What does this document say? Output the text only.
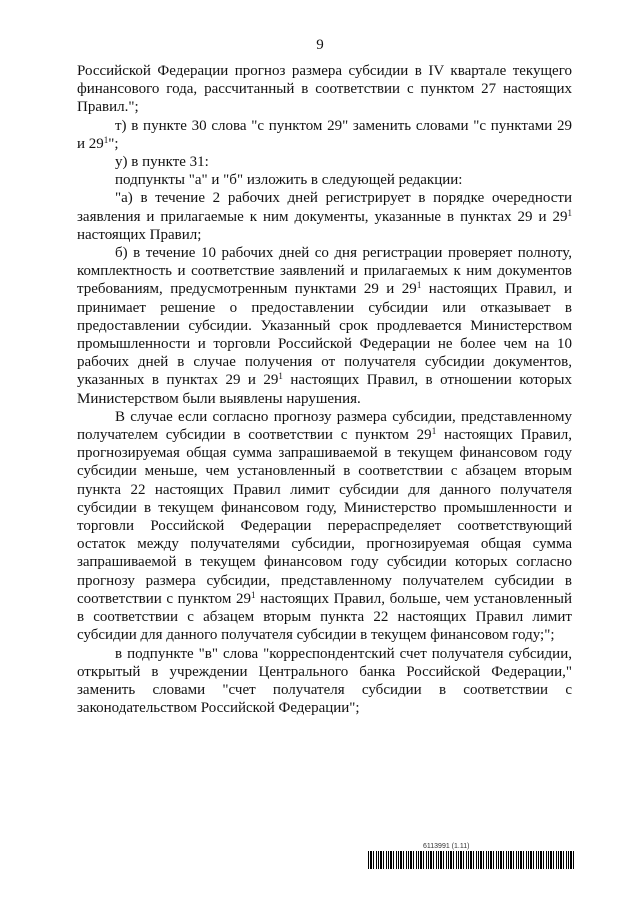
9

Российской Федерации прогноз размера субсидии в IV квартале текущего финансового года, рассчитанный в соответствии с пунктом 27 настоящих Правил.";

т) в пункте 30 слова "с пунктом 29" заменить словами "с пунктами 29 и $29^1$";

у) в пункте 31:

подпункты "а" и "б" изложить в следующей редакции:

"а) в течение 2 рабочих дней регистрирует в порядке очередности заявления и прилагаемые к ним документы, указанные в пунктах 29 и $29^1$ настоящих Правил;

б) в течение 10 рабочих дней со дня регистрации проверяет полноту, комплектность и соответствие заявлений и прилагаемых к ним документов требованиям, предусмотренным пунктами 29 и $29^1$ настоящих Правил, и принимает решение о предоставлении субсидии или отказывает в предоставлении субсидии. Указанный срок продлевается Министерством промышленности и торговли Российской Федерации не более чем на 10 рабочих дней в случае получения от получателя субсидии документов, указанных в пунктах 29 и $29^1$ настоящих Правил, в отношении которых Министерством были выявлены нарушения.

В случае если согласно прогнозу размера субсидии, представленному получателем субсидии в соответствии с пунктом $29^1$ настоящих Правил, прогнозируемая общая сумма запрашиваемой в текущем финансовом году субсидии меньше, чем установленный в соответствии с абзацем вторым пункта 22 настоящих Правил лимит субсидии для данного получателя субсидии в текущем финансовом году, Министерство промышленности и торговли Российской Федерации перераспределяет соответствующий остаток между получателями субсидии, прогнозируемая общая сумма запрашиваемой в текущем финансовом году субсидии которых согласно прогнозу размера субсидии, представленному получателем субсидии в соответствии с пунктом $29^1$ настоящих Правил, больше, чем установленный в соответствии с абзацем вторым пункта 22 настоящих Правил лимит субсидии для данного получателя субсидии в текущем финансовом году;";

в подпункте "в" слова "корреспондентский счет получателя субсидии, открытый в учреждении Центрального банка Российской Федерации," заменить словами "счет получателя субсидии в соответствии с законодательством Российской Федерации";

6113991 (1.11)
